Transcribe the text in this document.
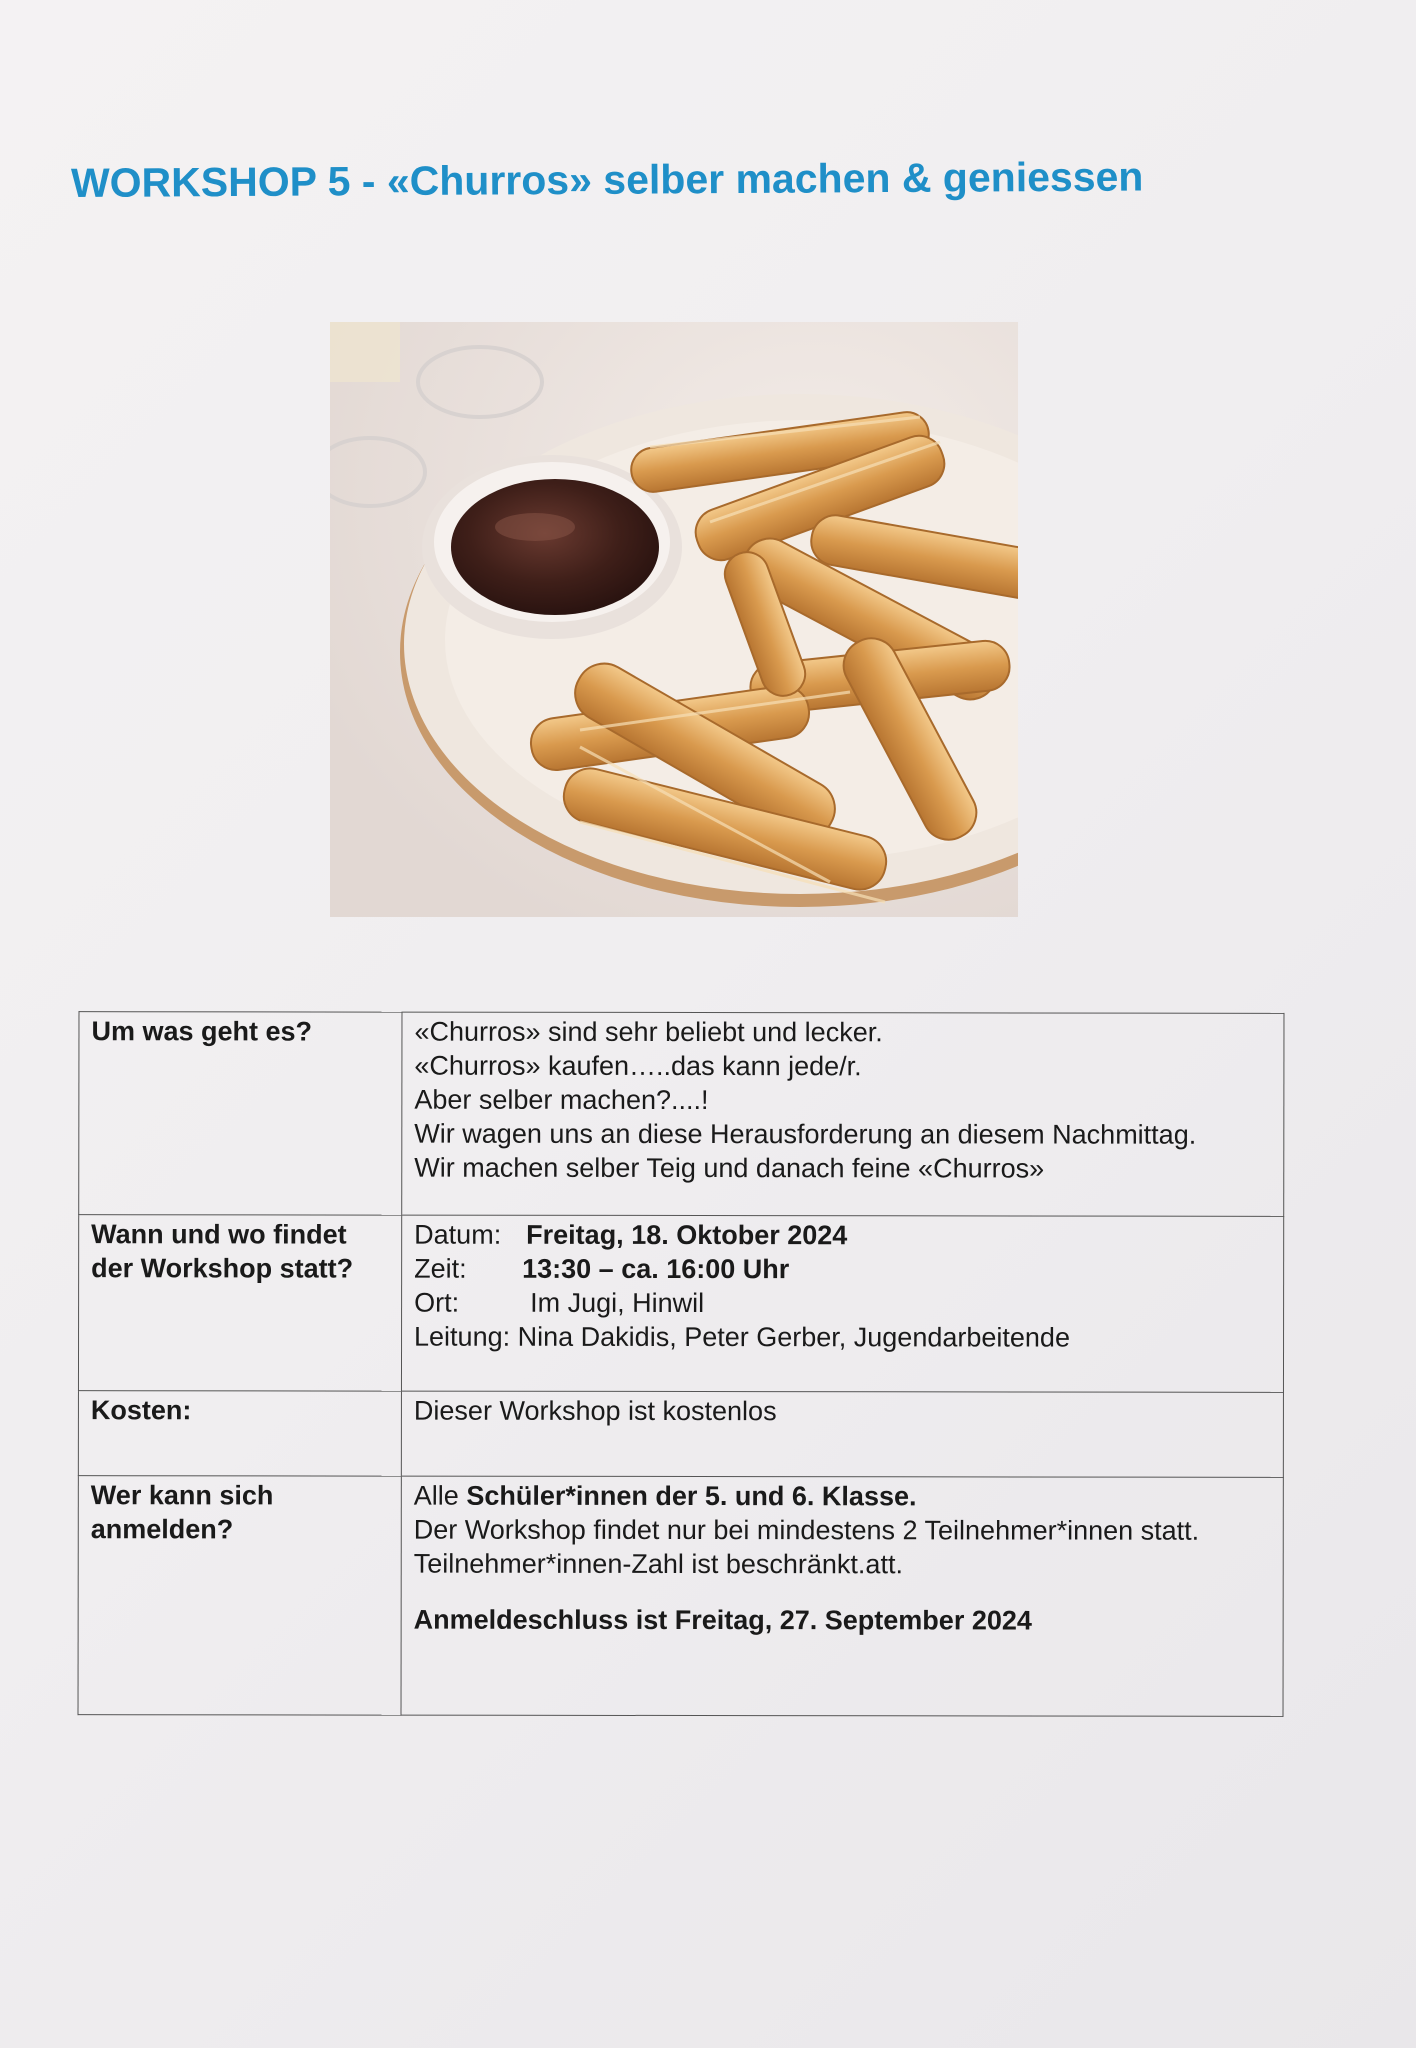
WORKSHOP 5 - «Churros» selber machen & geniessen
Um was geht es?	«Churros» sind sehr beliebt und lecker.
«Churros» kaufen…..das kann jede/r.
Aber selber machen?....!
Wir wagen uns an diese Herausforderung an diesem Nachmittag.
Wir machen selber Teig und danach feine «Churros»

Wann und wo findet der Workshop statt?	Datum: Freitag, 18. Oktober 2024
Zeit: 13:30 – ca. 16:00 Uhr
Ort: Im Jugi, Hinwil
Leitung: Nina Dakidis, Peter Gerber, Jugendarbeitende

Kosten:	Dieser Workshop ist kostenlos
Wer kann sich anmelden?	Alle Schüler*innen der 5. und 6. Klasse.
Der Workshop findet nur bei mindestens 2 Teilnehmer*innen statt.
Teilnehmer*innen-Zahl ist beschränkt.att.
Anmeldeschluss ist Freitag, 27. September 2024
